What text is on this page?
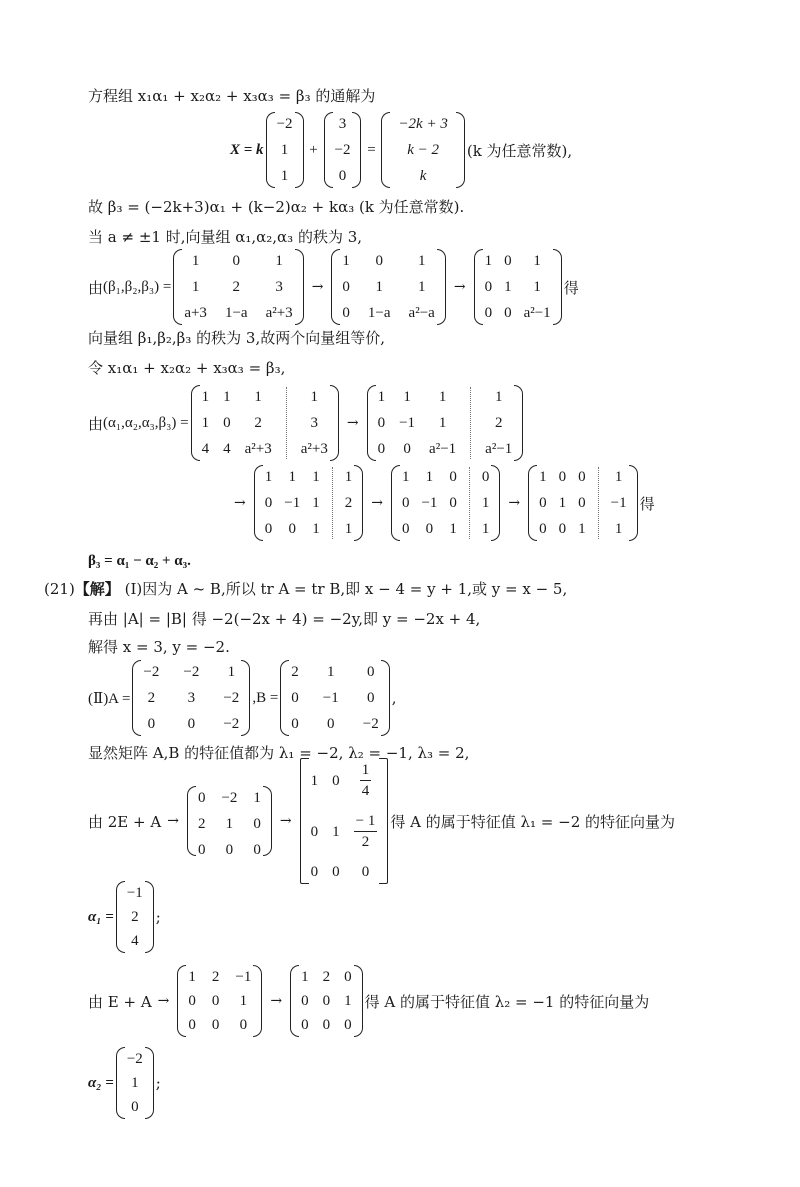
方程组 x₁α₁ + x₂α₂ + x₃α₃ = β₃ 的通解为
X = k
−2
1
1
+
3
−2
0
=
−2k + 3
k − 2
k
(k 为任意常数),
故 β₃ = (−2k+3)α₁ + (k−2)α₂ + kα₃ (k 为任意常数).
当 a ≠ ±1 时,向量组 α₁,α₂,α₃ 的秩为 3,
由 (β₁,β₂,β₃) =
1 0 1
1 2 3
a+3 1−a a²+3
→
1 0 1
0 1 1
0 1−a a²−a
→
1 0 1
0 1 1
0 0 a²−1
得
向量组 β₁,β₂,β₃ 的秩为 3,故两个向量组等价,
令 x₁α₁ + x₂α₂ + x₃α₃ = β₃,
由 (α₁,α₂,α₃,β₃) =
1 1 1	1
1 0 2	3
4 4 a²+3 a²+3
→
1 1 1	1
0 −1 1	2
0 0 a²−1 a²−1
→
1 1 1 1
0 −1 1 2
0 0 1 1
→
1 1 0 0
0 −1 0 1
0 0 1 1
→
1 0 0 1
0 1 0 −1
0 0 1 1
得
β₃ = α₁ − α₂ + α₃.
(21)【解】 (Ⅰ)因为 A ~ B,所以 tr A = tr B,即 x − 4 = y + 1,或 y = x − 5,
再由 |A| = |B| 得 −2(−2x + 4) = −2y,即 y = −2x + 4,
解得 x = 3, y = −2.
(Ⅱ)A =
−2 −2 1
2 3 −2
0 0 −2
,B =
2 1 0
0 −1 0
0 0 −2
,
显然矩阵 A,B 的特征值都为 λ₁ = −2, λ₂ = −1, λ₃ = 2,
由 2E + A →
0 −2 1
2 1 0
0 0 0
→
1 $0 \frac{1}{4}$
0 $1 \frac{- 1}{2}$
0 0 0
得 A 的属于特征值 λ₁ = −2 的特征向量为
α₁ =
−1
2
4
;
由 E + A →
1 2 −1
0 0 1
0 0 0
→
1 2 0
0 0 1
0 0 0
得 A 的属于特征值 λ₂ = −1 的特征向量为
α₂ =
−2
1
0
;
